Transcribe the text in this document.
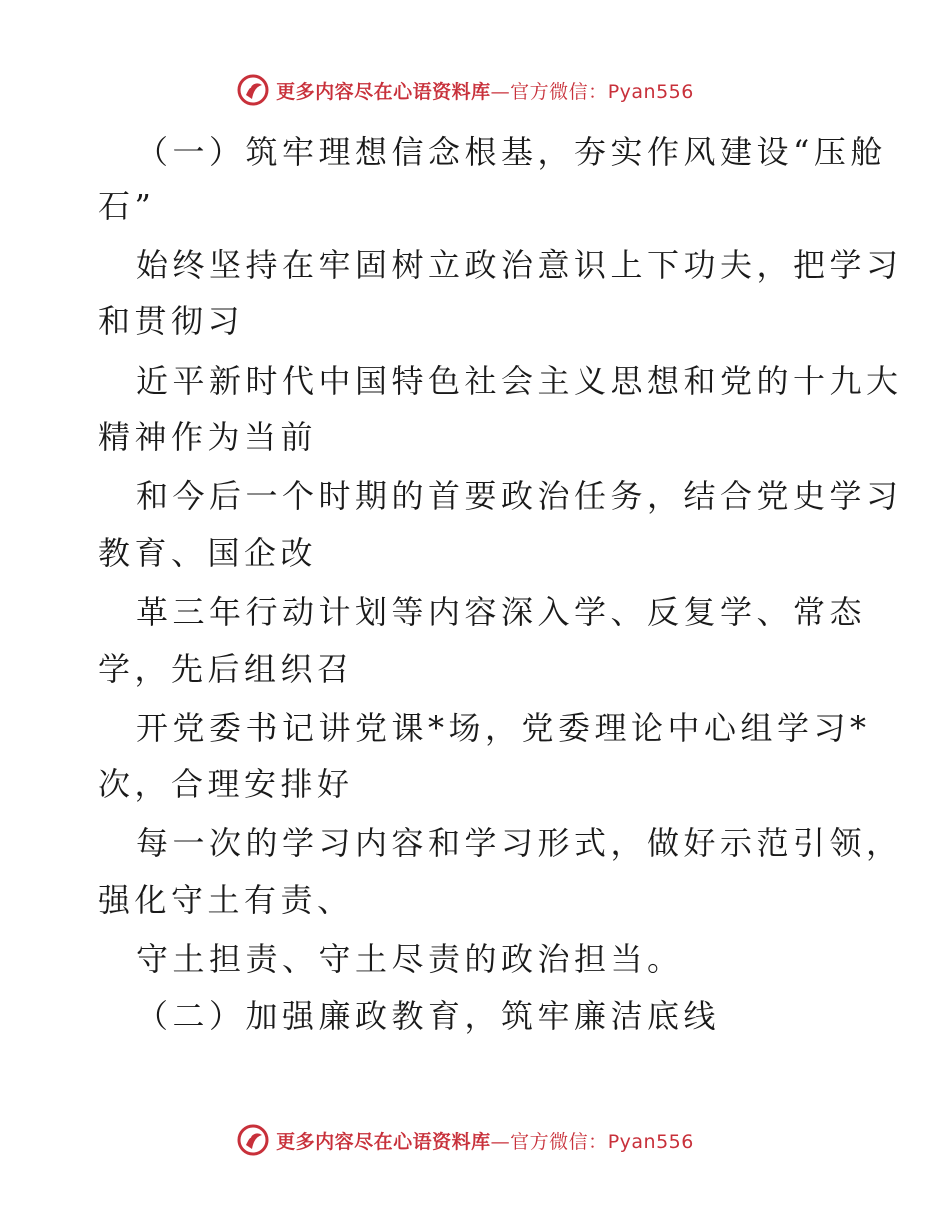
更多内容尽在心语资料库—官方微信：Pyan556
（一）筑牢理想信念根基，夯实作风建设“压舱
石”
始终坚持在牢固树立政治意识上下功夫，把学习
和贯彻习
近平新时代中国特色社会主义思想和党的十九大
精神作为当前
和今后一个时期的首要政治任务，结合党史学习
教育、国企改
革三年行动计划等内容深入学、反复学、常态
学，先后组织召
开党委书记讲党课*场，党委理论中心组学习*
次，合理安排好
每一次的学习内容和学习形式，做好示范引领，
强化守土有责、
守土担责、守土尽责的政治担当。
（二）加强廉政教育，筑牢廉洁底线
更多内容尽在心语资料库—官方微信：Pyan556
